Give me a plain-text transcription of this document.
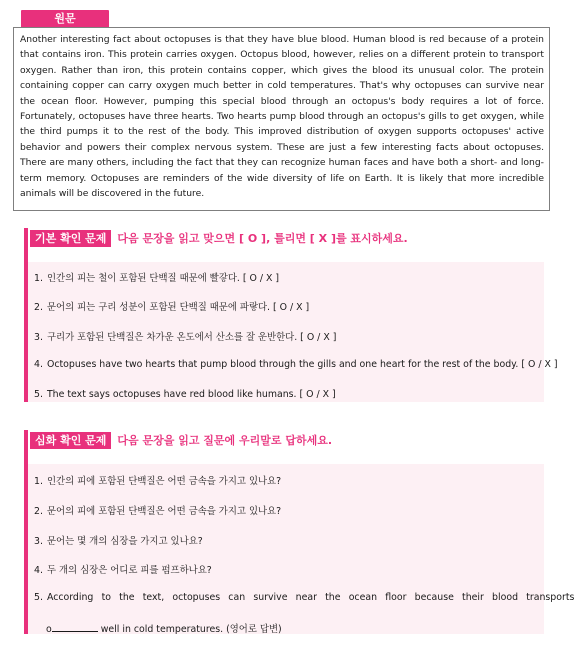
원문

Another interesting fact about octopuses is that they have blue blood. Human blood is red because of a protein that contains iron. This protein carries oxygen. Octopus blood, however, relies on a different protein to transport oxygen. Rather than iron, this protein contains copper, which gives the blood its unusual color. The protein containing copper can carry oxygen much better in cold temperatures. That's why octopuses can survive near the ocean floor. However, pumping this special blood through an octopus's body requires a lot of force. Fortunately, octopuses have three hearts. Two hearts pump blood through an octopus's gills to get oxygen, while the third pumps it to the rest of the body. This improved distribution of oxygen supports octopuses' active behavior and powers their complex nervous system. These are just a few interesting facts about octopuses. There are many others, including the fact that they can recognize human faces and have both a short- and long-term memory. Octopuses are reminders of the wide diversity of life on Earth. It is likely that more incredible animals will be discovered in the future.

기본 확인 문제	다음 문장을 읽고 맞으면 [ O ], 틀리면 [ X ]를 표시하세요.
1. 인간의 피는 철이 포함된 단백질 때문에 빨갛다. [ O / X ]
2. 문어의 피는 구리 성분이 포함된 단백질 때문에 파랗다. [ O / X ]
3. 구리가 포함된 단백질은 차가운 온도에서 산소를 잘 운반한다. [ O / X ]
4. Octopuses have two hearts that pump blood through the gills and one heart for the rest of the body. [ O / X ]
5. The text says octopuses have red blood like humans. [ O / X ]
심화 확인 문제	다음 문장을 읽고 질문에 우리말로 답하세요.
1. 인간의 피에 포함된 단백질은 어떤 금속을 가지고 있나요?
2. 문어의 피에 포함된 단백질은 어떤 금속을 가지고 있나요?
3. 문어는 몇 개의 심장을 가지고 있나요?
4. 두 개의 심장은 어디로 피를 펌프하나요?
5. According to the text, octopuses can survive near the ocean floor because their blood transports
o	well in cold temperatures. (영어로 답변)
